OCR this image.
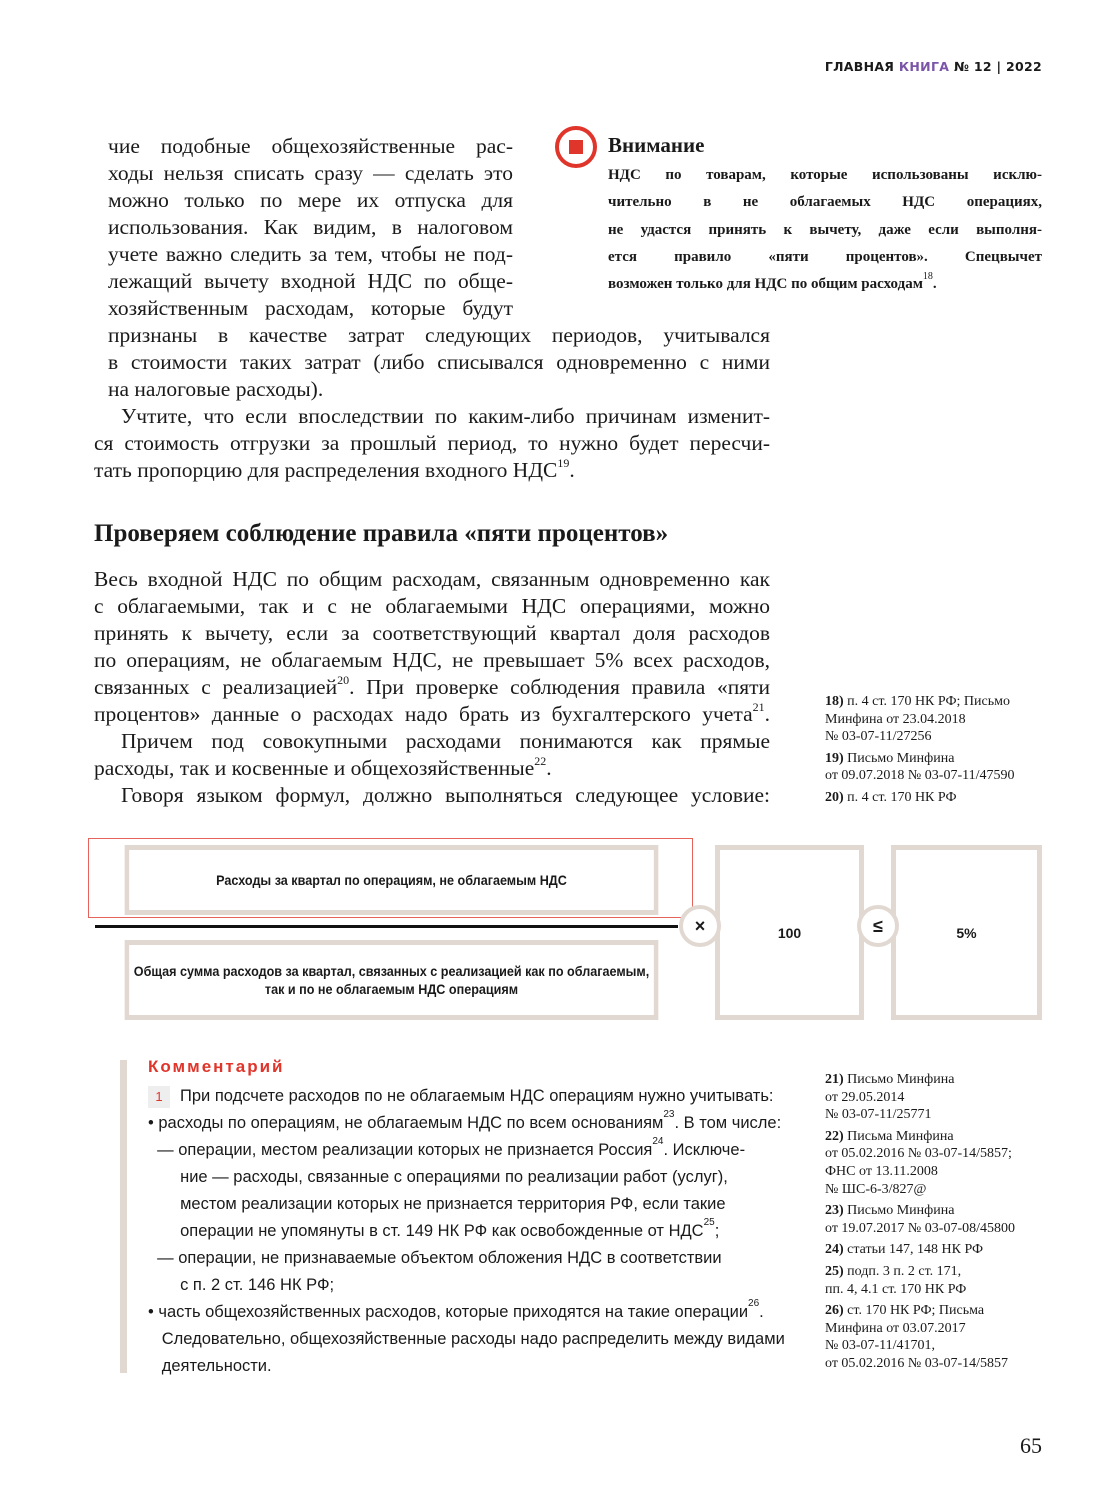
ГЛАВНАЯ КНИГА № 12 | 2022
чие подобные общехозяйственные рас-
ходы нельзя списать сразу — сделать это
можно только по мере их отпуска для
использования. Как видим, в налоговом
учете важно следить за тем, чтобы не под-
лежащий вычету входной НДС по обще-
хозяйственным расходам, которые будут
признаны в качестве затрат следующих периодов, учитывался
в стоимости таких затрат (либо списывался одновременно с ними
на налоговые расходы).
Учтите, что если впоследствии по каким-либо причинам изменит-
ся стоимость отгрузки за прошлый период, то нужно будет пересчи-
тать пропорцию для распределения входного НДС$^{19}$.
Внимание
НДС по товарам, которые использованы исклю-
чительно в не облагаемых НДС операциях,
не удастся принять к вычету, даже если выполня-
ется правило «пяти процентов». Спецвычет
возможен только для НДС по общим расходам$^{18}$.
Проверяем соблюдение правила «пяти процентов»
Весь входной НДС по общим расходам, связанным одновременно как
с облагаемыми, так и с не облагаемыми НДС операциями, можно
принять к вычету, если за соответствующий квартал доля расходов
по операциям, не облагаемым НДС, не превышает 5% всех расходов,
связанных с реализацией$^{20}$. При проверке соблюдения правила «пяти
процентов» данные о расходах надо брать из бухгалтерского учета$^{21}$.
Причем под совокупными расходами понимаются как прямые
расходы, так и косвенные и общехозяйственные$^{22}$.
Говоря языком формул, должно выполняться следующее условие:
18) п. 4 ст. 170 НК РФ; Письмо
Минфина от 23.04.2018
№ 03-07-11/27256
19) Письмо Минфина
от 09.07.2018 № 03-07-11/47590
20) п. 4 ст. 170 НК РФ
Расходы за квартал по операциям, не облагаемым НДС
Общая сумма расходов за квартал, связанных с реализацией как по облагаемым,
так и по не облагаемым НДС операциям
100	5%
×	≤
Комментарий
1 При подсчете расходов по не облагаемым НДС операциям нужно учитывать:
• расходы по операциям, не облагаемым НДС по всем основаниям$^{23}$. В том числе:
— операции, местом реализации которых не признается Россия$^{24}$. Исключе-
ние — расходы, связанные с операциями по реализации работ (услуг),
местом реализации которых не признается территория РФ, если такие
операции не упомянуты в ст. 149 НК РФ как освобожденные от НДС$^{25}$;
— операции, не признаваемые объектом обложения НДС в соответствии
с п. 2 ст. 146 НК РФ;
• часть общехозяйственных расходов, которые приходятся на такие операции$^{26}$.
Следовательно, общехозяйственные расходы надо распределить между видами
деятельности.
21) Письмо Минфина
от 29.05.2014
№ 03-07-11/25771
22) Письма Минфина
от 05.02.2016 № 03-07-14/5857;
ФНС от 13.11.2008
№ ШС-6-3/827@
23) Письмо Минфина
от 19.07.2017 № 03-07-08/45800
24) статьи 147, 148 НК РФ
25) подп. 3 п. 2 ст. 171,
пп. 4, 4.1 ст. 170 НК РФ
26) ст. 170 НК РФ; Письма
Минфина от 03.07.2017
№ 03-07-11/41701,
от 05.02.2016 № 03-07-14/5857
65
